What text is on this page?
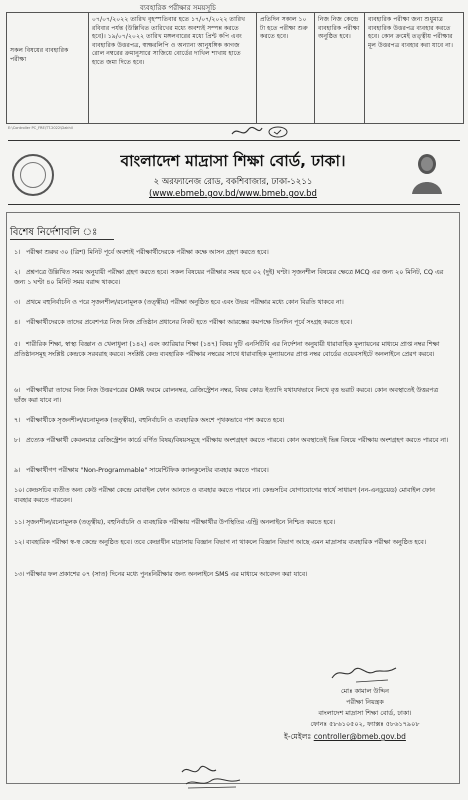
ব্যবহারিক পরীক্ষার সময়সূচি
সকল বিষয়ের ব্যবহারিক পরীক্ষা
০৭/০৭/২০২২ তারিখ বৃহস্পতিবার হতে ১৭/০৭/২০২২ তারিখ রবিবার পর্যন্ত (উল্লিখিত তারিখের মধ্যে অবশ্যই সম্পন্ন করতে হবে)। ১৯/০৭/২০২২ তারিখ মঙ্গলবারের মধ্যে প্রিন্ট কপি এবং ব্যবহারিক উত্তরপত্র, স্বাক্ষরলিপি ও অন্যান্য আনুষঙ্গিক কাগজ রোল নম্বরের ক্রমানুসারে সাজিয়ে বোর্ডের দাখিল শাখায় হাতে হাতে জমা দিতে হবে।
প্রতিদিন সকাল ১০ টা হতে পরীক্ষা শুরু করতে হবে।
নিজ নিজ কেন্দ্রে ব্যবহারিক পরীক্ষা অনুষ্ঠিত হবে।
ব্যবহারিক পরীক্ষা জন্য শুধুমাত্র ব্যবহারিক উত্তরপত্র ব্যবহার করতে হবে। কোন ক্রমেই তত্ত্বীয় পরীক্ষার মূল উত্তরপত্র ব্যবহার করা যাবে না।
E:\Controller PC_FRE\TT.2022\Dakhil
বাংলাদেশ মাদ্রাসা শিক্ষা বোর্ড, ঢাকা।
২ অরফ্যানেজ রোড, বকশিবাজার, ঢাকা-১২১১
(www.ebmeb.gov.bd/www.bmeb.gov.bd
বিশেষ নির্দেশাবলি ঃ
১। পরীক্ষা শুরুর ৩০ (ত্রিশ) মিনিট পূর্বে অবশ্যই পরীক্ষার্থীদেরকে পরীক্ষা কক্ষে আসন গ্রহণ করতে হবে।
২। প্রশ্নপত্রে উল্লিখিত সময় অনুযায়ী পরীক্ষা গ্রহণ করতে হবে। সকল বিষয়ের পরীক্ষার সময় হবে ০২ (দুই) ঘণ্টা। সৃজনশীল বিষয়ের ক্ষেত্রে MCQ এর জন্য ২০ মিনিট, CQ এর জন্য ১ ঘণ্টা ৪০ মিনিট সময় বরাদ্দ থাকবে।
৩। প্রথমে বহুনির্বাচনি ও পরে সৃজনশীল/রচনামূলক (তত্ত্বীয়) পরীক্ষা অনুষ্ঠিত হবে এবং উভয় পরীক্ষার মধ্যে কোন বিরতি থাকবে না।
৪। পরীক্ষার্থীদেরকে তাদের প্রবেশপত্র নিজ নিজ প্রতিষ্ঠান প্রধানের নিকট হতে পরীক্ষা আরম্ভের কমপক্ষে তিনদিন পূর্বে সংগ্রহ করতে হবে।
৫। শারীরিক শিক্ষা, স্বাস্থ্য বিজ্ঞান ও খেলাধুলা (১৪২) এবং ক্যারিয়ার শিক্ষা (১৪৭) বিষয় দুটি এনসিটিবি এর নির্দেশনা অনুযায়ী ধারাবাহিক মূল্যায়নের মাধ্যমে প্রাপ্ত নম্বর শিক্ষা প্রতিষ্ঠানসমূহ সংশ্লিষ্ট কেন্দ্রকে সরবরাহ করবে। সংশ্লিষ্ট কেন্দ্র ব্যবহারিক পরীক্ষার নম্বরের সাথে ধারাবাহিক মূল্যায়নের প্রাপ্ত নম্বর বোর্ডের ওয়েবসাইটে অনলাইনে প্রেরণ করবে।
৬। পরীক্ষার্থীরা তাদের নিজ নিজ উত্তরপত্রের OMR ফরমে রোলনম্বর, রেজিস্ট্রেশন নম্বর, বিষয় কোড ইত্যাদি যথাযথভাবে লিখে বৃত্ত ভরাট করবে। কোন অবস্থাতেই উত্তরপত্র ভাঁজ করা যাবে না।
৭। পরীক্ষার্থীকে সৃজনশীল/রচনামূলক (তত্ত্বীয়), বহুনির্বাচনি ও ব্যবহারিক অংশে পৃথকভাবে পাশ করতে হবে।
৮। প্রত্যেক পরীক্ষার্থী কেবলমাত্র রেজিস্ট্রেশন কার্ডে বর্ণিত বিষয়/বিষয়সমূহে পরীক্ষায় অংশগ্রহণ করতে পারবে। কোন অবস্থাতেই ভিন্ন বিষয়ে পরীক্ষায় অংশগ্রহণ করতে পারবে না।
৯। পরীক্ষার্থীগণ পরীক্ষায় "Non-Programmable" সায়েন্টিফিক ক্যালকুলেটর ব্যবহার করতে পারবে।
১০। কেন্দ্রসচিব ব্যতীত অন্য কেউ পরীক্ষা কেন্দ্রে মোবাইল ফোন আনতে ও ব্যবহার করতে পারবে না। কেন্দ্রসচিব যোগাযোগের স্বার্থে সাধারণ (নন-এনড্রয়েড) মোবাইল ফোন ব্যবহার করতে পারবেন।
১১। সৃজনশীল/রচনামূলক (তত্ত্বীয়), বহুনির্বাচনি ও ব্যবহারিক পরীক্ষায় পরীক্ষার্থীর উপস্থিতির এন্ট্রি অনলাইনে নিশ্চিত করতে হবে।
১২। ব্যবহারিক পরীক্ষা স্ব-স্ব কেন্দ্রে অনুষ্ঠিত হবে। তবে কেন্দ্রাধীন মাদ্রাসায় বিজ্ঞান বিভাগ না থাকলে বিজ্ঞান বিভাগ আছে এমন মাদ্রাসায় ব্যবহারিক পরীক্ষা অনুষ্ঠিত হবে।
১৩। পরীক্ষার ফল প্রকাশের ০৭ (সাত) দিনের মধ্যে পুনঃনিরীক্ষার জন্য অনলাইনে SMS এর মাধ্যমে আবেদন করা যাবে।
মোঃ কামাল উদ্দিন
পরীক্ষা নিয়ন্ত্রক
বাংলাদেশ মাদ্রাসা শিক্ষা বোর্ড, ঢাকা।
ফোনঃ ৫৮৬১০৫০২, ফ্যাক্সঃ ৫৮৬১৭৯০৮
ই-মেইলঃ controller@bmeb.gov.bd
